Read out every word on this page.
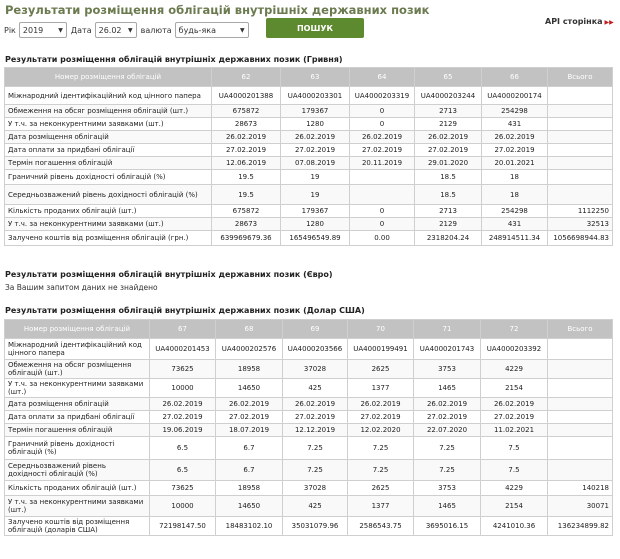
Результати розміщення облігацій внутрішніх державних позик
Рік 2019	▼ Дата 26.02 ▼ валюта будь-яка	▼	ПОШУК
API сторінка ▶▶
Результати розміщення облігацій внутрішніх державних позик (Гривня)
Номер розміщення облігацій	62	63	64	65	66	Всього
Міжнародний ідентифікаційний код цінного папера	UA4000201388	UA4000203301	UA4000203319	UA4000203244	UA4000200174	
Обмеження на обсяг розміщення облігацій (шт.)	675872	179367	0	2713	254298	
У т.ч. за неконкурентними заявками (шт.)	28673	1280	0	2129	431	
Дата розміщення облігацій	26.02.2019	26.02.2019	26.02.2019	26.02.2019	26.02.2019	
Дата оплати за придбані облігації	27.02.2019	27.02.2019	27.02.2019	27.02.2019	27.02.2019	
Термін погашення облігацій	12.06.2019	07.08.2019	20.11.2019	29.01.2020	20.01.2021	
Граничний рівень дохідності облігацій (%)	19.5	19		18.5	18	
Середньозважений рівень дохідності облігацій (%)	19.5	19		18.5	18	
Кількість проданих облігацій (шт.)	675872	179367	0	2713	254298	1112250
У т.ч. за неконкурентними заявками (шт.)	28673	1280	0	2129	431	32513
Залучено коштів від розміщення облігацій (грн.)	639969679.36	165496549.89	0.00	2318204.24	248914511.34	1056698944.83
Результати розміщення облігацій внутрішніх державних позик (Євро)
За Вашим запитом даних не знайдено
Результати розміщення облігацій внутрішніх державних позик (Долар США)
Номер розміщення облігацій	67	68	69	70	71	72	Всього
Міжнародний ідентифікаційний код цінного папера	UA4000201453	UA4000202576	UA4000203566	UA4000199491	UA4000201743	UA4000203392	
Обмеження на обсяг розміщення облігацій (шт.)	73625	18958	37028	2625	3753	4229	
У т.ч. за неконкурентними заявками (шт.)	10000	14650	425	1377	1465	2154	
Дата розміщення облігацій	26.02.2019	26.02.2019	26.02.2019	26.02.2019	26.02.2019	26.02.2019	
Дата оплати за придбані облігації	27.02.2019	27.02.2019	27.02.2019	27.02.2019	27.02.2019	27.02.2019	
Термін погашення облігацій	19.06.2019	18.07.2019	12.12.2019	12.02.2020	22.07.2020	11.02.2021	
Граничний рівень дохідності облігацій (%)	6.5	6.7	7.25	7.25	7.25	7.5	
Середньозважений рівень дохідності облігацій (%)	6.5	6.7	7.25	7.25	7.25	7.5	
Кількість проданих облігацій (шт.)	73625	18958	37028	2625	3753	4229	140218
У т.ч. за неконкурентними заявками (шт.)	10000	14650	425	1377	1465	2154	30071
Залучено коштів від розміщення облігацій (доларів США)	72198147.50	18483102.10	35031079.96	2586543.75	3695016.15	4241010.36	136234899.82
